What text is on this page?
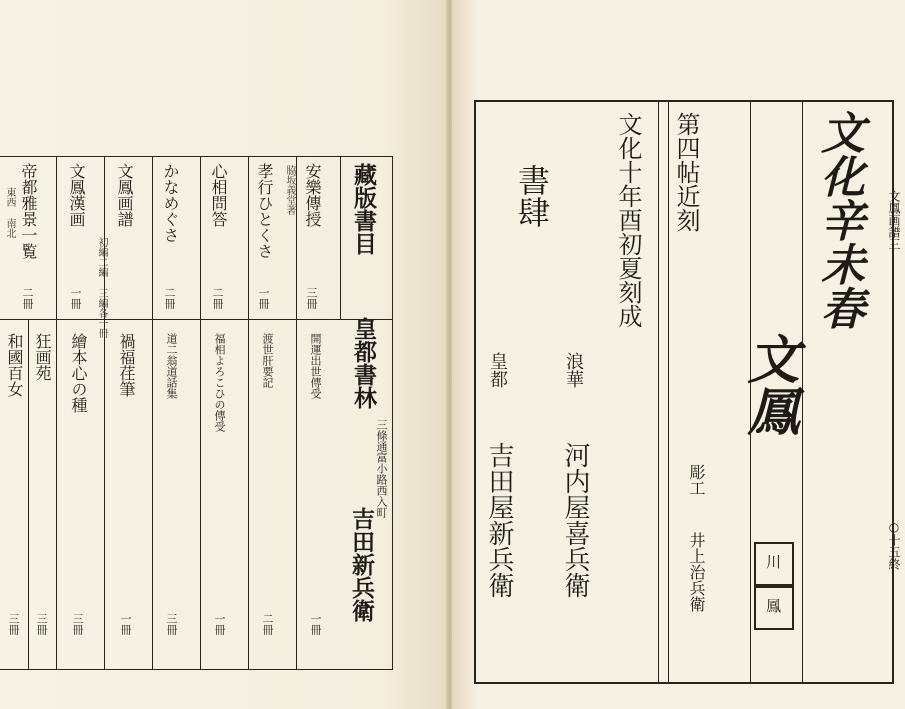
藏版書目
皇都書林
三條通富小路西入町
吉田新兵衛
安樂傳授
脇坂義堂著
三冊
孝行ひとくさ
一冊
心相問答
二冊
かなめぐさ
二冊
文鳳画譜
初編二編 三編各一冊
文鳳漢画
一冊
帝都雅景一覧
東西 南北
二冊
渡世肝要記
二冊
開運出世傳受
一冊
福相よろこひの傳受
一冊
道二翁道話集
三冊
禍福荏筆
一冊
繪本心の種
三冊
狂画苑
三冊
和國百女
三冊
文化辛未春
文鳳
川
鳳
第四帖近刻
彫工
井上治兵衛
文化十年酉初夏刻成
書肆
浪華
河内屋喜兵衛
皇都
吉田屋新兵衛
文鳳画譜三
○十五終
